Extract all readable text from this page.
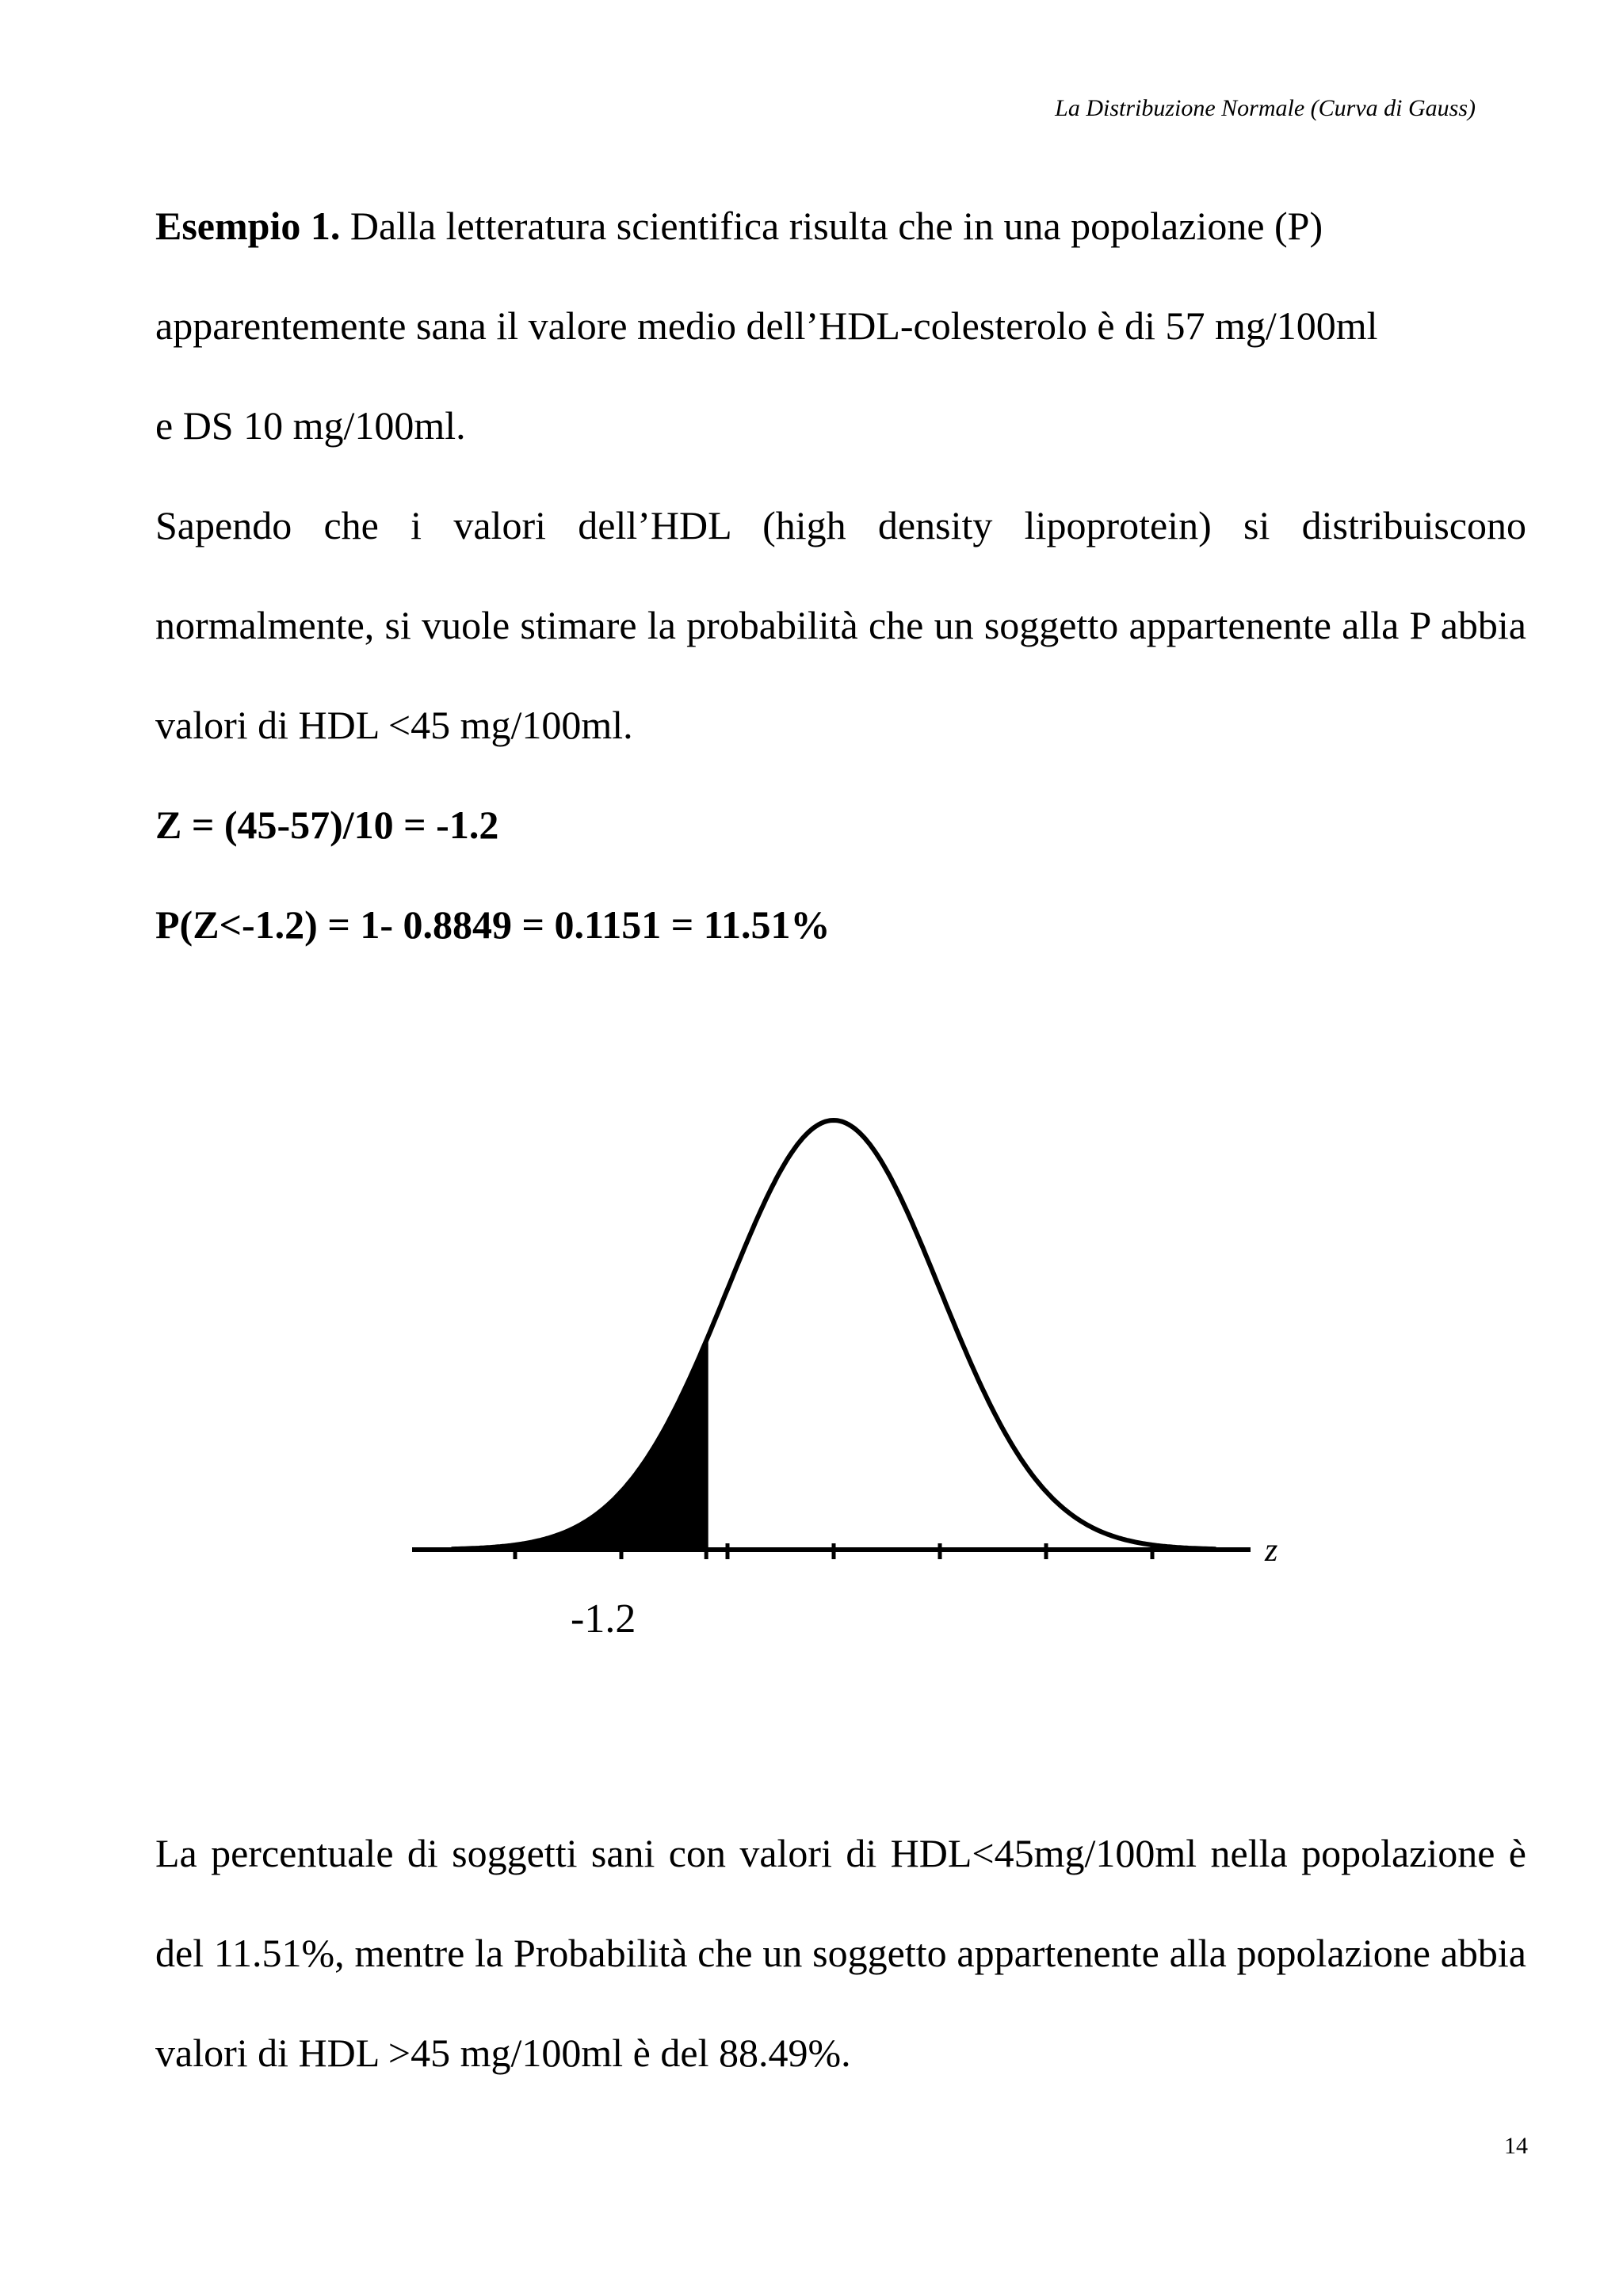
La Distribuzione Normale (Curva di Gauss)
Esempio 1. Dalla letteratura scientifica risulta che in una popolazione (P)
apparentemente sana il valore medio dell’HDL-colesterolo è di 57 mg/100ml
e DS 10 mg/100ml.

Sapendo che i valori dell’HDL (high density lipoprotein) si distribuiscono normalmente, si vuole stimare la probabilità che un soggetto appartenente alla P abbia valori di HDL <45 mg/100ml.

Z = (45-57)/10 = -1.2
P(Z<-1.2) = 1- 0.8849 = 0.1151 = 11.51%
z
-1.2

La percentuale di soggetti sani con valori di HDL<45mg/100ml nella popolazione è del 11.51%, mentre la Probabilità che un soggetto appartenente alla popolazione abbia valori di HDL >45 mg/100ml è del 88.49%.

14
